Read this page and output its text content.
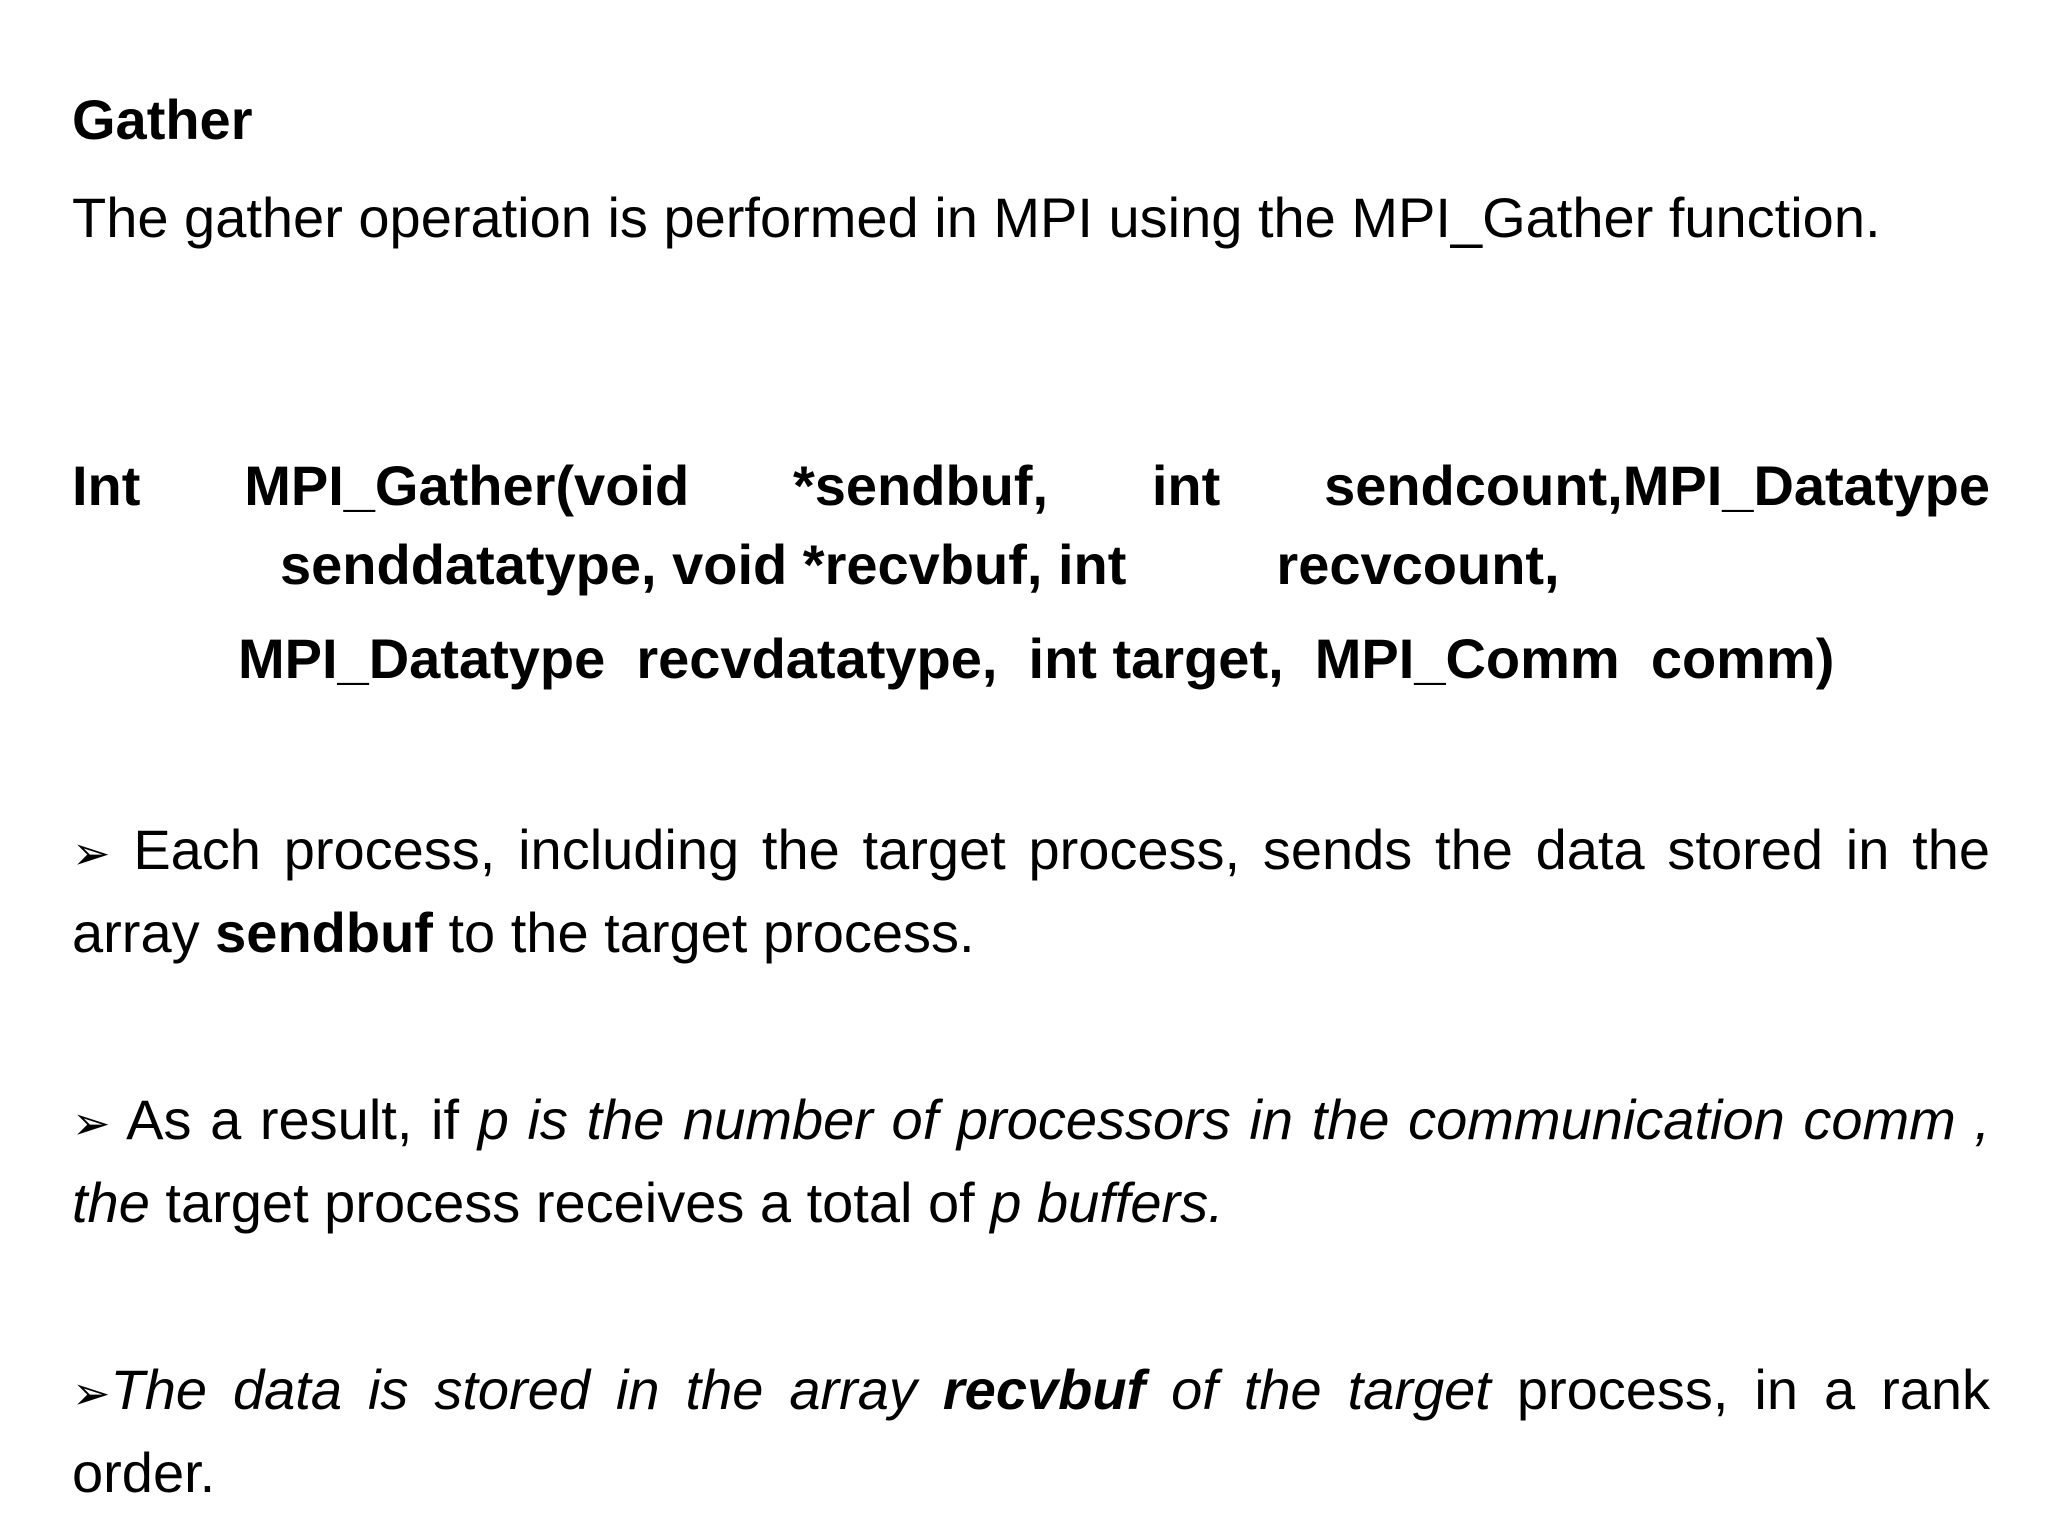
Gather
The gather operation is performed in MPI using the MPI_Gather function.
Int MPI_Gather(void *sendbuf, int sendcount,MPI_Datatype
senddatatype, void *recvbuf, int	recvcount,
MPI_Datatype  recvdatatype,  int target,  MPI_Comm  comm)
➢ Each process, including the target process, sends the data stored in the array sendbuf to the target process.
➢ As a result, if p is the number of processors in the communication comm , the target process receives a total of p buffers.
➢The data is stored in the array recvbuf of the target process, in a rank order.
